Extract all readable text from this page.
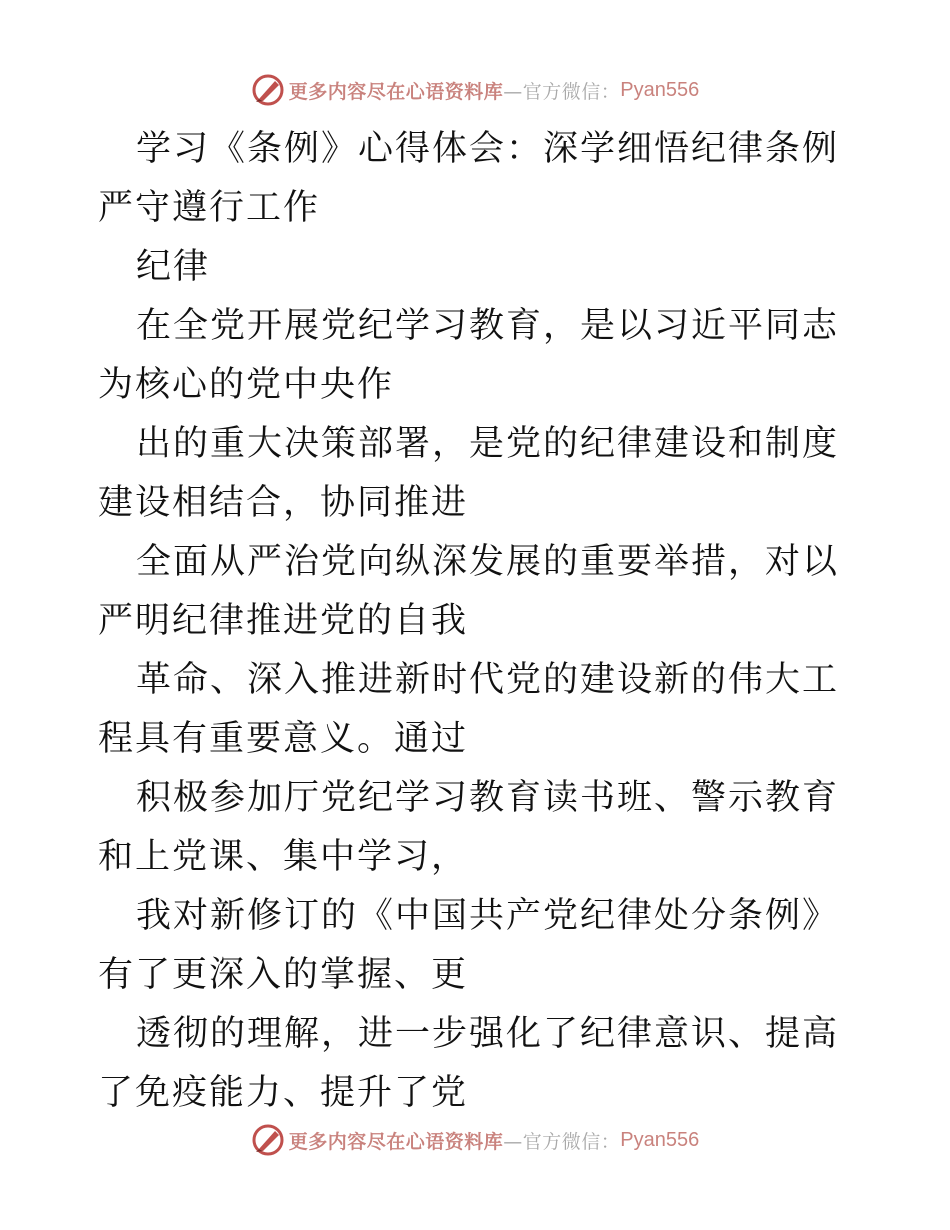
更多内容尽在心语资料库 —官方微信： Pyan556

学习《条例》心得体会：深学细悟纪律条例严守遵行工作

纪律

在全党开展党纪学习教育，是以习近平同志为核心的党中央作

出的重大决策部署，是党的纪律建设和制度建设相结合，协同推进

全面从严治党向纵深发展的重要举措，对以严明纪律推进党的自我

革命、深入推进新时代党的建设新的伟大工程具有重要意义。通过

积极参加厅党纪学习教育读书班、警示教育和上党课、集中学习，

我对新修订的《中国共产党纪律处分条例》有了更深入的掌握、更

透彻的理解，进一步强化了纪律意识、提高了免疫能力、提升了党

更多内容尽在心语资料库 —官方微信： Pyan556
